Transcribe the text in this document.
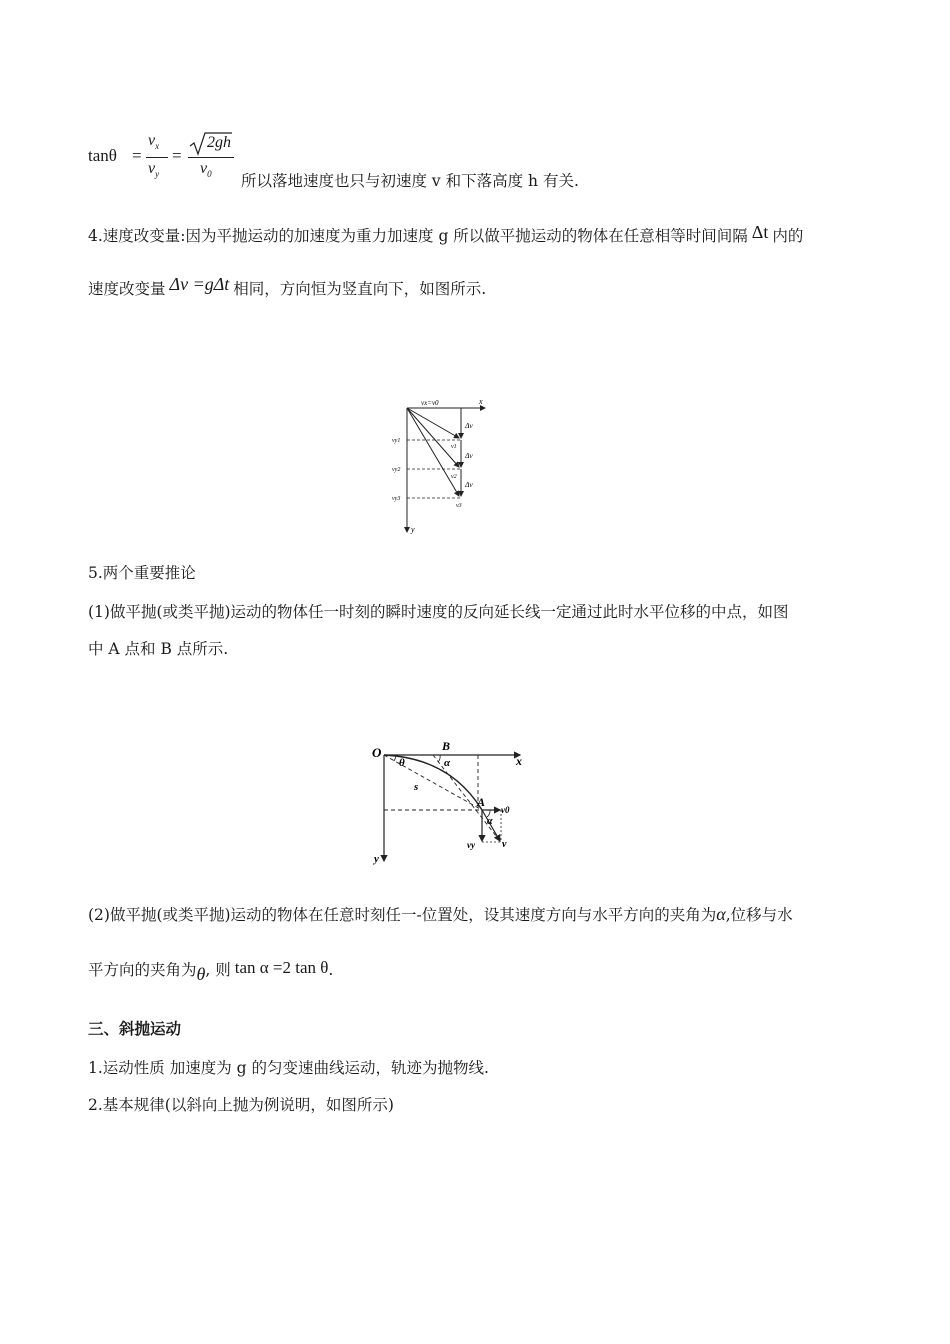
tanθ =
$v_x$
$v_y$
=
2gh
$v_0$ 所以落地速度也只与初速度 v 和下落高度 h 有关.
4.速度改变量:因为平抛运动的加速度为重力加速度 g 所以做平抛运动的物体在任意相等时间间隔 Δt 内的
速度改变量 Δv =gΔt 相同，方向恒为竖直向下，如图所示.
vx=v0	x
y
Δv
Δv
Δv
vy1
vy2
vy3
v1
v2
v3
5.两个重要推论
(1)做平抛(或类平抛)运动的物体任一时刻的瞬时速度的反向延长线一定通过此时水平位移的中点，如图
中 A 点和 B 点所示.
O	B
x
y
θ	α
s
A
v0
α
vy	v
(2)做平抛(或类平抛)运动的物体在任意时刻任一-位置处，设其速度方向与水平方向的夹角为α,位移与水
平方向的夹角为θ, 则 tan α =2 tan θ.
三、斜抛运动
1.运动性质 加速度为 g 的匀变速曲线运动，轨迹为抛物线.
2.基本规律(以斜向上抛为例说明，如图所示)
